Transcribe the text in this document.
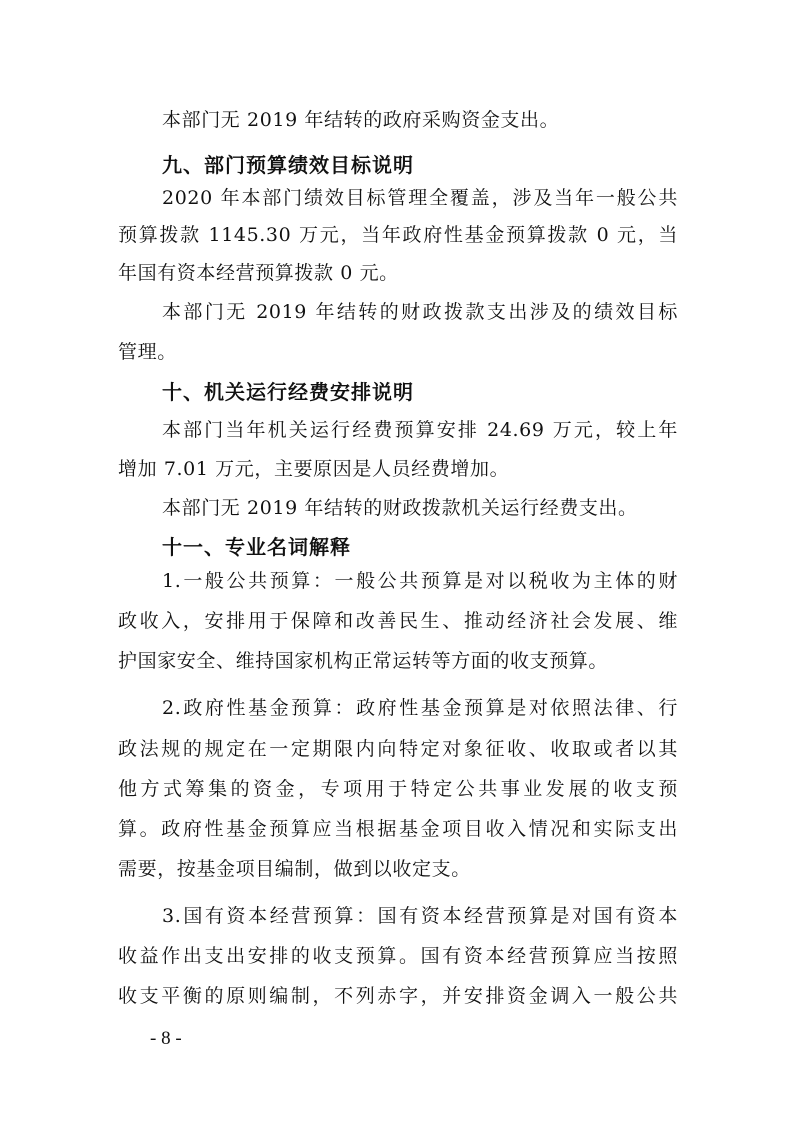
本部门无 2019 年结转的政府采购资金支出。
九、部门预算绩效目标说明
2020 年本部门绩效目标管理全覆盖，涉及当年一般公共
预算拨款 1145.30 万元，当年政府性基金预算拨款 0 元，当
年国有资本经营预算拨款 0 元。
本部门无 2019 年结转的财政拨款支出涉及的绩效目标
管理。
十、机关运行经费安排说明
本部门当年机关运行经费预算安排 24.69 万元，较上年
增加 7.01 万元，主要原因是人员经费增加。
本部门无 2019 年结转的财政拨款机关运行经费支出。
十一、专业名词解释
1.一般公共预算：一般公共预算是对以税收为主体的财
政收入，安排用于保障和改善民生、推动经济社会发展、维
护国家安全、维持国家机构正常运转等方面的收支预算。
2.政府性基金预算：政府性基金预算是对依照法律、行
政法规的规定在一定期限内向特定对象征收、收取或者以其
他方式筹集的资金，专项用于特定公共事业发展的收支预
算。政府性基金预算应当根据基金项目收入情况和实际支出
需要，按基金项目编制，做到以收定支。
3.国有资本经营预算：国有资本经营预算是对国有资本
收益作出支出安排的收支预算。国有资本经营预算应当按照
收支平衡的原则编制，不列赤字，并安排资金调入一般公共
- 8 -
